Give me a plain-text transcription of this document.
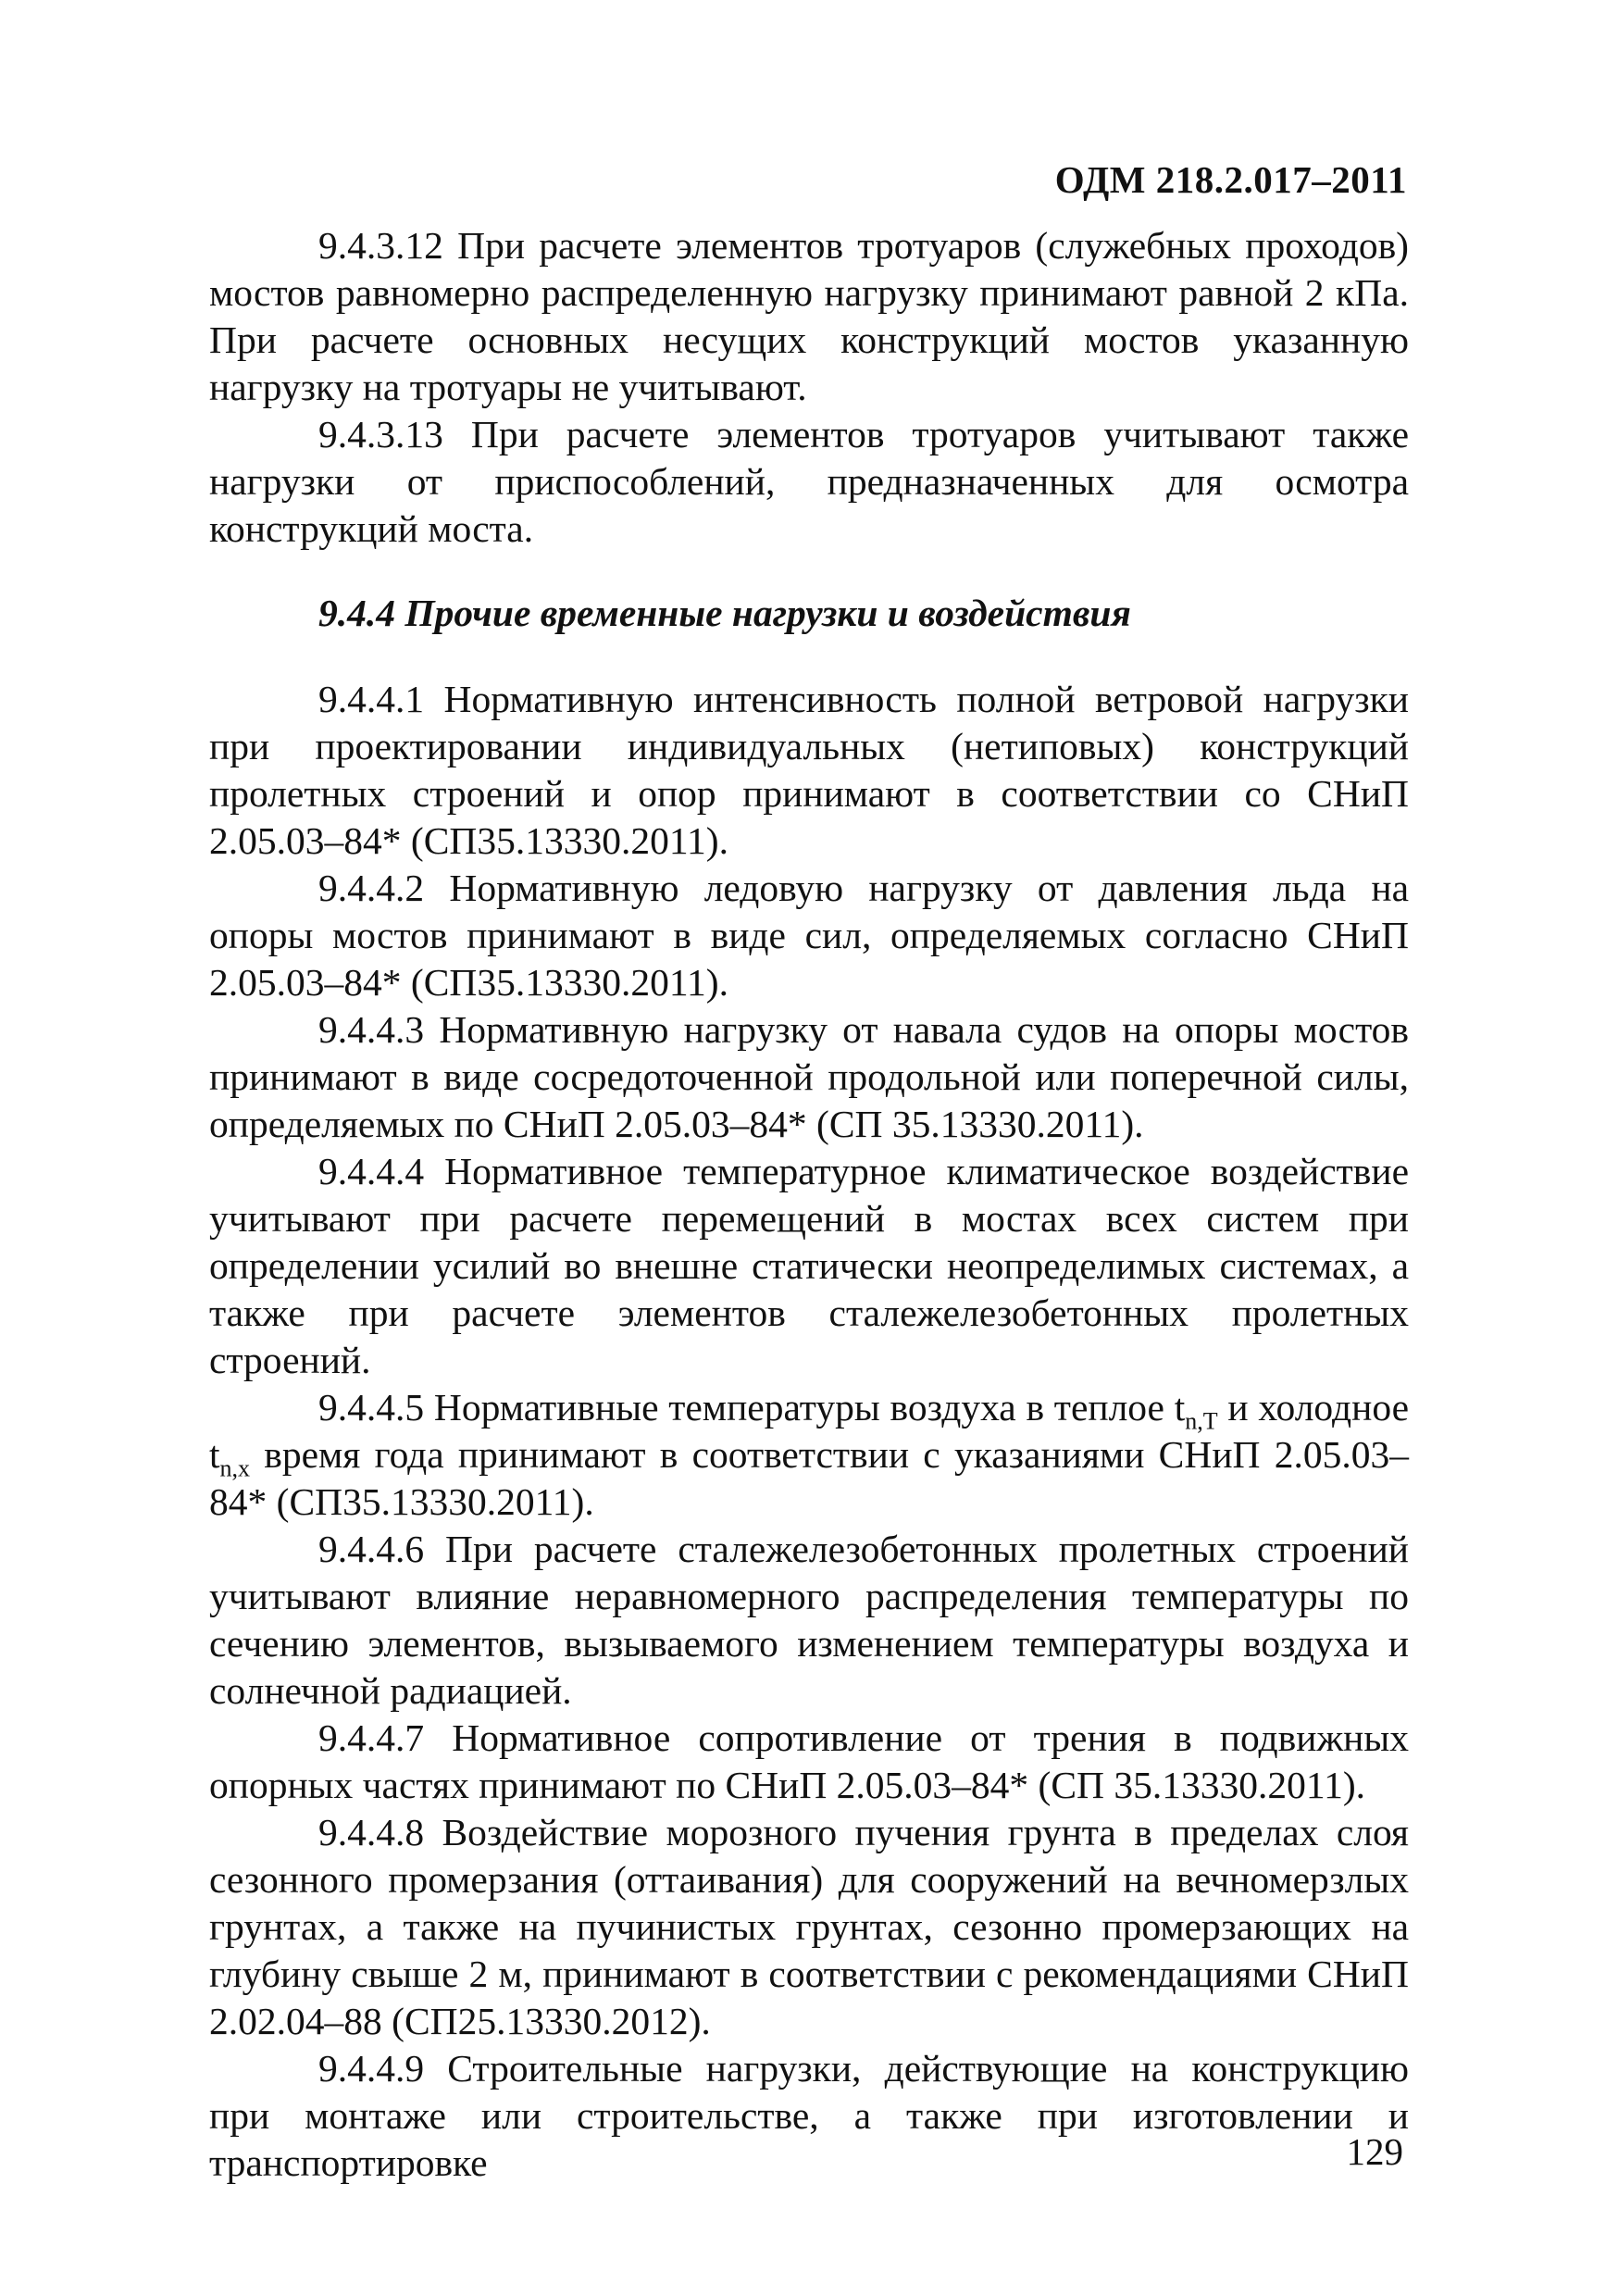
ОДМ 218.2.017–2011

9.4.3.12 При расчете элементов тротуаров (служебных проходов) мостов равномерно распределенную нагрузку принимают равной 2 кПа. При расчете основных несущих конструкций мостов указанную нагрузку на тротуары не учитывают.

9.4.3.13 При расчете элементов тротуаров учитывают также нагрузки от приспособлений, предназначенных для осмотра конструкций моста.

9.4.4 Прочие временные нагрузки и воздействия

9.4.4.1 Нормативную интенсивность полной ветровой нагрузки при проектировании индивидуальных (нетиповых) конструкций пролетных строений и опор принимают в соответствии со СНиП 2.05.03–84* (СП35.13330.2011).

9.4.4.2 Нормативную ледовую нагрузку от давления льда на опоры мостов принимают в виде сил, определяемых согласно СНиП 2.05.03–84* (СП35.13330.2011).

9.4.4.3 Нормативную нагрузку от навала судов на опоры мостов принимают в виде сосредоточенной продольной или поперечной силы, определяемых по СНиП 2.05.03–84* (СП 35.13330.2011).

9.4.4.4 Нормативное температурное климатическое воздействие учитывают при расчете перемещений в мостах всех систем при определении усилий во внешне статически неопределимых системах, а также при расчете элементов сталежелезобетонных пролетных строений.

9.4.4.5 Нормативные температуры воздуха в теплое $t_{n,T}$ и холодное $t_{n,x}$ время года принимают в соответствии с указаниями СНиП 2.05.03–84* (СП35.13330.2011).

9.4.4.6 При расчете сталежелезобетонных пролетных строений учитывают влияние неравномерного распределения температуры по сечению элементов, вызываемого изменением температуры воздуха и солнечной радиацией.

9.4.4.7 Нормативное сопротивление от трения в подвижных опорных частях принимают по СНиП 2.05.03–84* (СП 35.13330.2011).

9.4.4.8 Воздействие морозного пучения грунта в пределах слоя сезонного промерзания (оттаивания) для сооружений на вечномерзлых грунтах, а также на пучинистых грунтах, сезонно промерзающих на глубину свыше 2 м, принимают в соответствии с рекомендациями СНиП 2.02.04–88 (СП25.13330.2012).

9.4.4.9 Строительные нагрузки, действующие на конструкцию при монтаже или строительстве, а также при изготовлении и транспортировке	129
